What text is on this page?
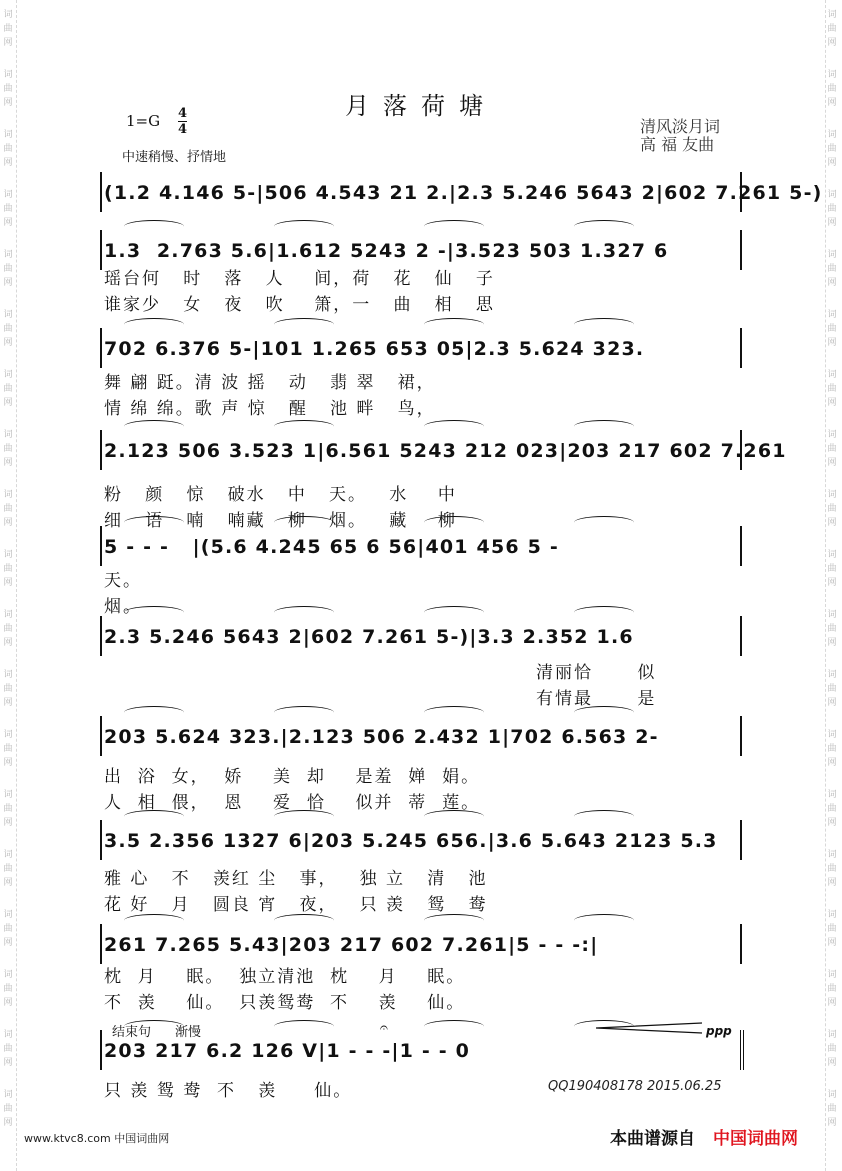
词
曲
网
词
曲
网
词
曲
网
词
曲
网
词
曲
网
词
曲
网
词
曲
网
词
曲
网
词
曲
网
词
曲
网
词
曲
网
词
曲
网
词
曲
网
词
曲
网
词
曲
网
词
曲
网
词
曲
网
词
曲
网
词
曲
网
词
曲
网
词
曲
网
词
曲
网
词
曲
网
词
曲
网
词
曲
网
词
曲
网
词
曲
网
词
曲
网
词
曲
网
词
曲
网
词
曲
网
词
曲
网
词
曲
网
词
曲
网
词
曲
网
词
曲
网
词
曲
网
词
曲
网
月落荷塘
1=G 4
4
中速稍慢、抒情地
清风淡月词
高 福 友曲
(1.2 4.146 5-|506 4.543 21 2.|2.3 5.246 5643 2|602 7.261 5-)
1.3  2.763 5.6|1.612 5243 2 -|3.523 503 1.327 6
瑶台何   时   落   人    间，荷   花   仙   子
谁家少   女   夜   吹    箫，一   曲   相   思
702 6.376 5-|101 1.265 653 05|2.3 5.624 323.
舞 翩 跹。清 波 摇   动   翡 翠   裙，
情 绵 绵。歌 声 惊   醒   池 畔   鸟，
2.123 506 3.523 1|6.561 5243 212 023|203 217 602 7.261
粉   颜   惊   破水   中   天。   水    中
细   语   喃   喃藏   柳   烟。   藏    柳
5 - - -   |(5.6 4.245 65 6 56|401 456 5 -
天。
烟。
2.3 5.246 5643 2|602 7.261 5-)|3.3 2.352 1.6
清丽恰      似
有情最      是
203 5.624 323.|2.123 506 2.432 1|702 6.563 2-
出  浴  女，  娇    美  却    是羞  婵  娟。
人  相  偎，  恩    爱  恰    似并  蒂  莲。
3.5 2.356 1327 6|203 5.245 656.|3.6 5.643 2123 5.3
雅 心   不   羡红 尘   事，   独 立   清   池
花 好   月   圆良 宵   夜，   只 羡   鸳   鸯
261 7.265 5.43|203 217 602 7.261|5 - - -:|
枕  月    眠。  独立清池  枕    月    眠。
不  羡    仙。  只羡鸳鸯  不    羡    仙。
203 217 6.2 126 V|1 - - -|1 - - 0
只 羡 鸳 鸯  不   羡     仙。
结束句 渐慢	ppp
QQ190408178 2015.06.25
www.ktvc8.com 中国词曲网	本曲谱源自 中国词曲网
𝄐
